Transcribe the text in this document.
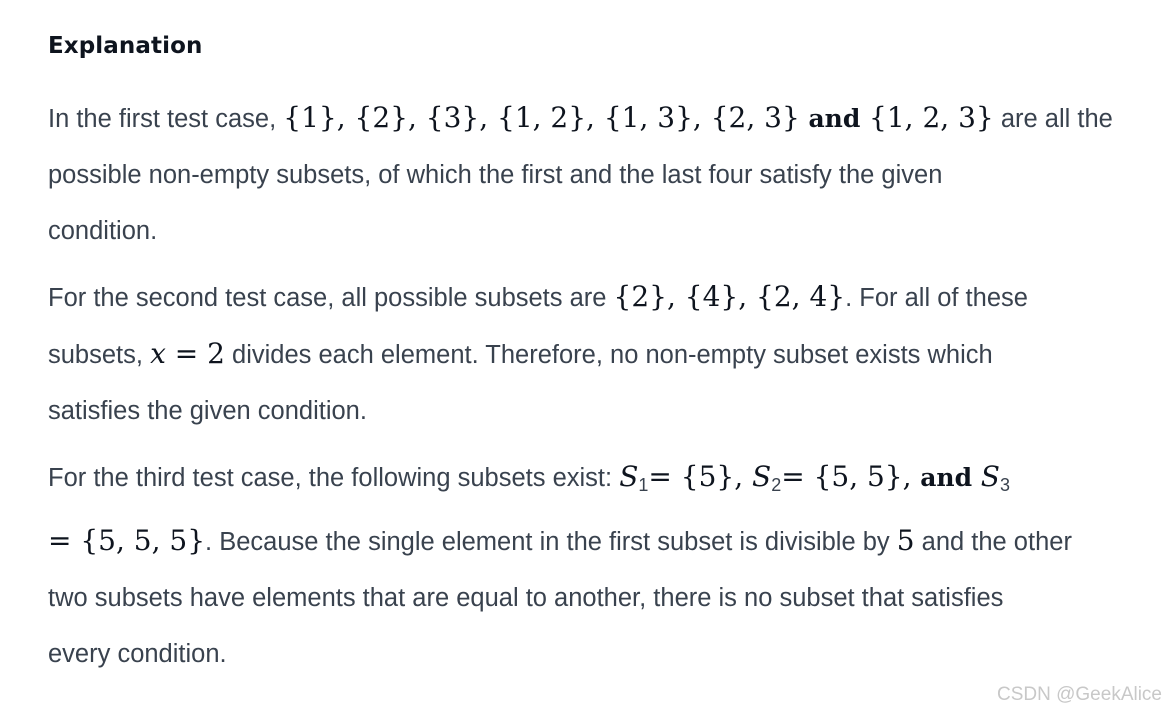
Explanation

In the first test case, {1}, {2}, {3}, {1, 2}, {1, 3}, {2, 3} and {1, 2, 3} are all the
possible non-empty subsets, of which the first and the last four satisfy the given
condition.

For the second test case, all possible subsets are {2}, {4}, {2, 4}. For all of these
subsets, x = 2 divides each element. Therefore, no non-empty subset exists which
satisfies the given condition.

For the third test case, the following subsets exist: $S_1= \{5\}$, $S_2= \{5$, 5}, and $S_3$
= {5, 5, 5}. Because the single element in the first subset is divisible by 5 and the other
two subsets have elements that are equal to another, there is no subset that satisfies
every condition.

CSDN @GeekAlice
